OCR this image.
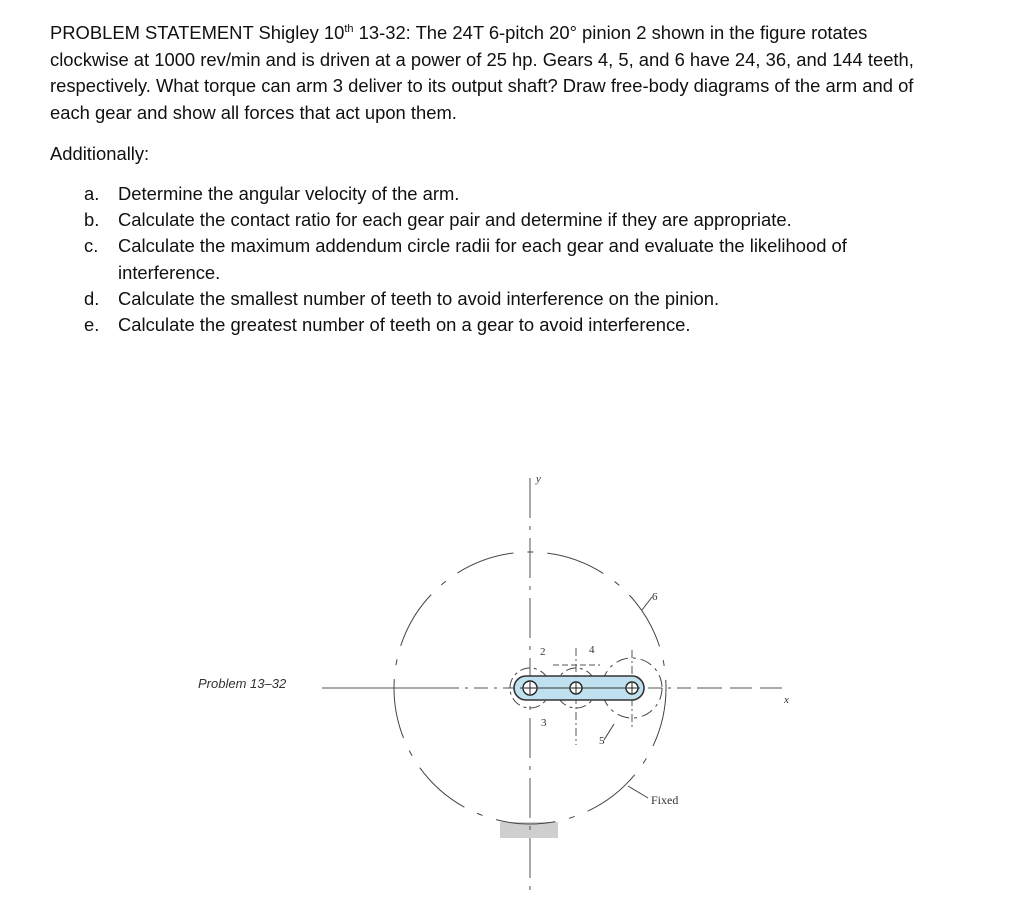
PROBLEM STATEMENT Shigley 10th 13-32: The 24T 6-pitch 20° pinion 2 shown in the figure rotates clockwise at 1000 rev/min and is driven at a power of 25 hp. Gears 4, 5, and 6 have 24, 36, and 144 teeth, respectively. What torque can arm 3 deliver to its output shaft? Draw free-body diagrams of the arm and of each gear and show all forces that act upon them.

Additionally:

a.	Determine the angular velocity of the arm.
b.	Calculate the contact ratio for each gear pair and determine if they are appropriate.
c.	Calculate the maximum addendum circle radii for each gear and evaluate the likelihood of interference.
d.	Calculate the smallest number of teeth to avoid interference on the pinion.
e.	Calculate the greatest number of teeth on a gear to avoid interference.
y
x
2
3
4
5
6
Fixed
Problem 13–32
